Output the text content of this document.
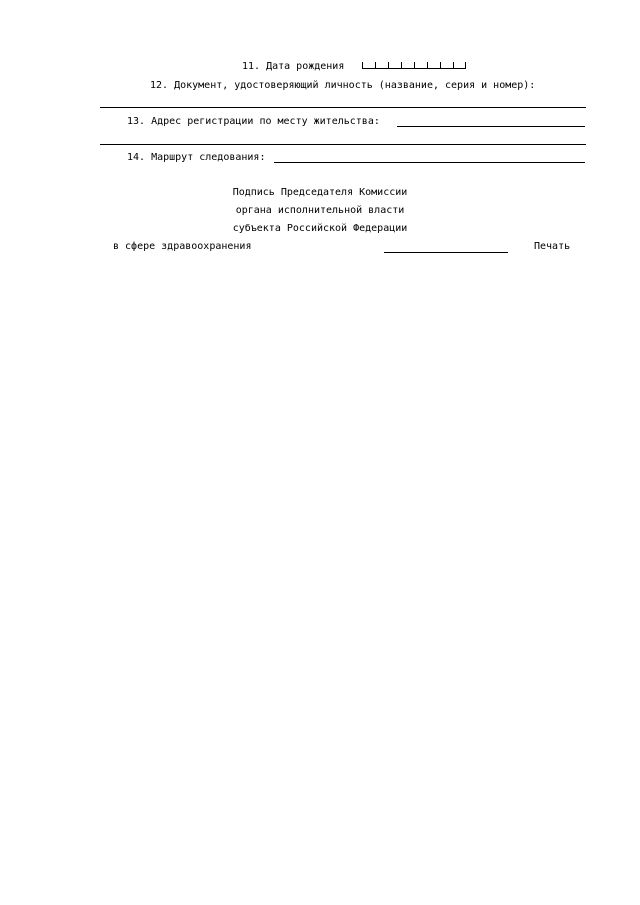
11. Дата рождения
12. Документ, удостоверяющий личность (название, серия и номер):
13. Адрес регистрации по месту жительства:
14. Маршрут следования:
Подпись Председателя Комиссии
органа исполнительной власти
субъекта Российской Федерации
в сфере здравоохранения	Печать
